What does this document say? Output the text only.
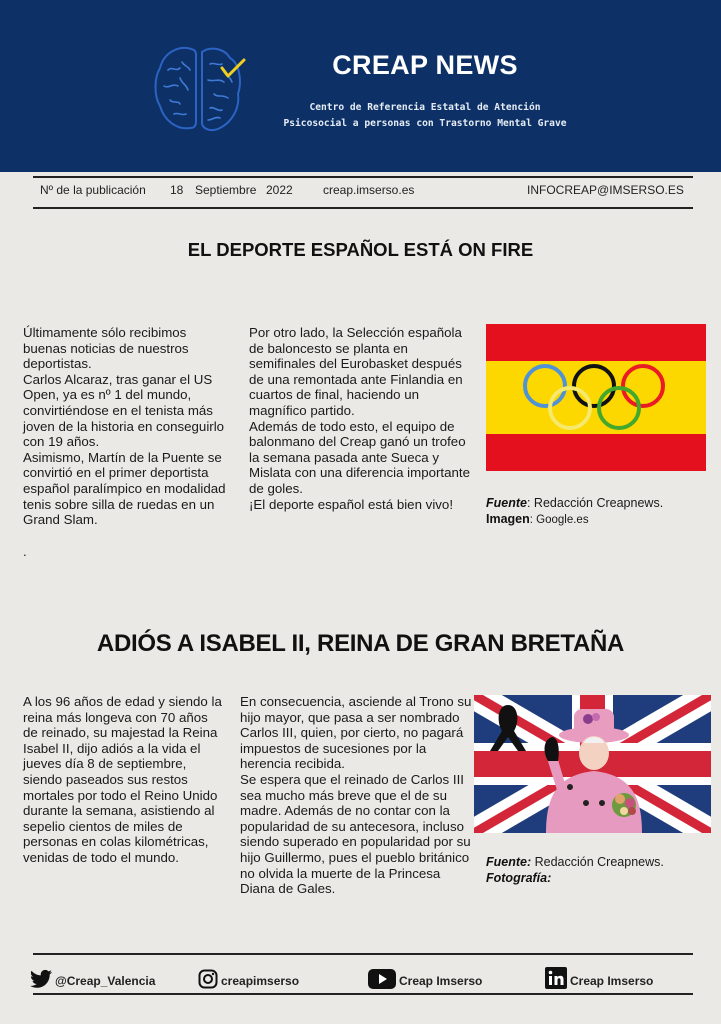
CREAP NEWS
Centro de Referencia Estatal de Atención
Psicosocial a personas con Trastorno Mental Grave
Nº de la publicación 18 Septiembre 2022	creap.imserso.es	INFOCREAP@IMSERSO.ES
EL DEPORTE ESPAÑOL ESTÁ ON FIRE

Últimamente sólo recibimos buenas noticias de nuestros deportistas.

Carlos Alcaraz, tras ganar el US Open, ya es nº 1 del mundo, convirtiéndose en el tenista más joven de la historia en conseguirlo con 19 años.

Asimismo, Martín de la Puente se convirtió en el primer deportista español paralímpico en modalidad tenis sobre silla de ruedas en un Grand Slam.

.

Por otro lado, la Selección española de baloncesto se planta en semifinales del Eurobasket después de una remontada ante Finlandia en cuartos de final, haciendo un magnífico partido.

Además de todo esto, el equipo de balonmano del Creap ganó un trofeo la semana pasada ante Sueca y Mislata con una diferencia importante de goles.

¡El deporte español está bien vivo!	Fuente: Redacción Creapnews.
Imagen: Google.es
ADIÓS A ISABEL II, REINA DE GRAN BRETAÑA

A los 96 años de edad y siendo la reina más longeva con 70 años de reinado, su majestad la Reina Isabel II, dijo adiós a la vida el jueves día 8 de septiembre, siendo paseados sus restos mortales por todo el Reino Unido durante la semana, asistiendo al sepelio cientos de miles de personas en colas kilométricas, venidas de todo el mundo.

En consecuencia, asciende al Trono su hijo mayor, que pasa a ser nombrado Carlos III, quien, por cierto, no pagará impuestos de sucesiones por la herencia recibida.

Se espera que el reinado de Carlos III sea mucho más breve que el de su madre. Además de no contar con la popularidad de su antecesora, incluso siendo superado en popularidad por su hijo Guillermo, pues el pueblo británico no olvida la muerte de la Princesa Diana de Gales.

Fuente: Redacción Creapnews.
Fotografía:
@Creap_Valencia	creapimserso	Creap Imserso	Creap Imserso
